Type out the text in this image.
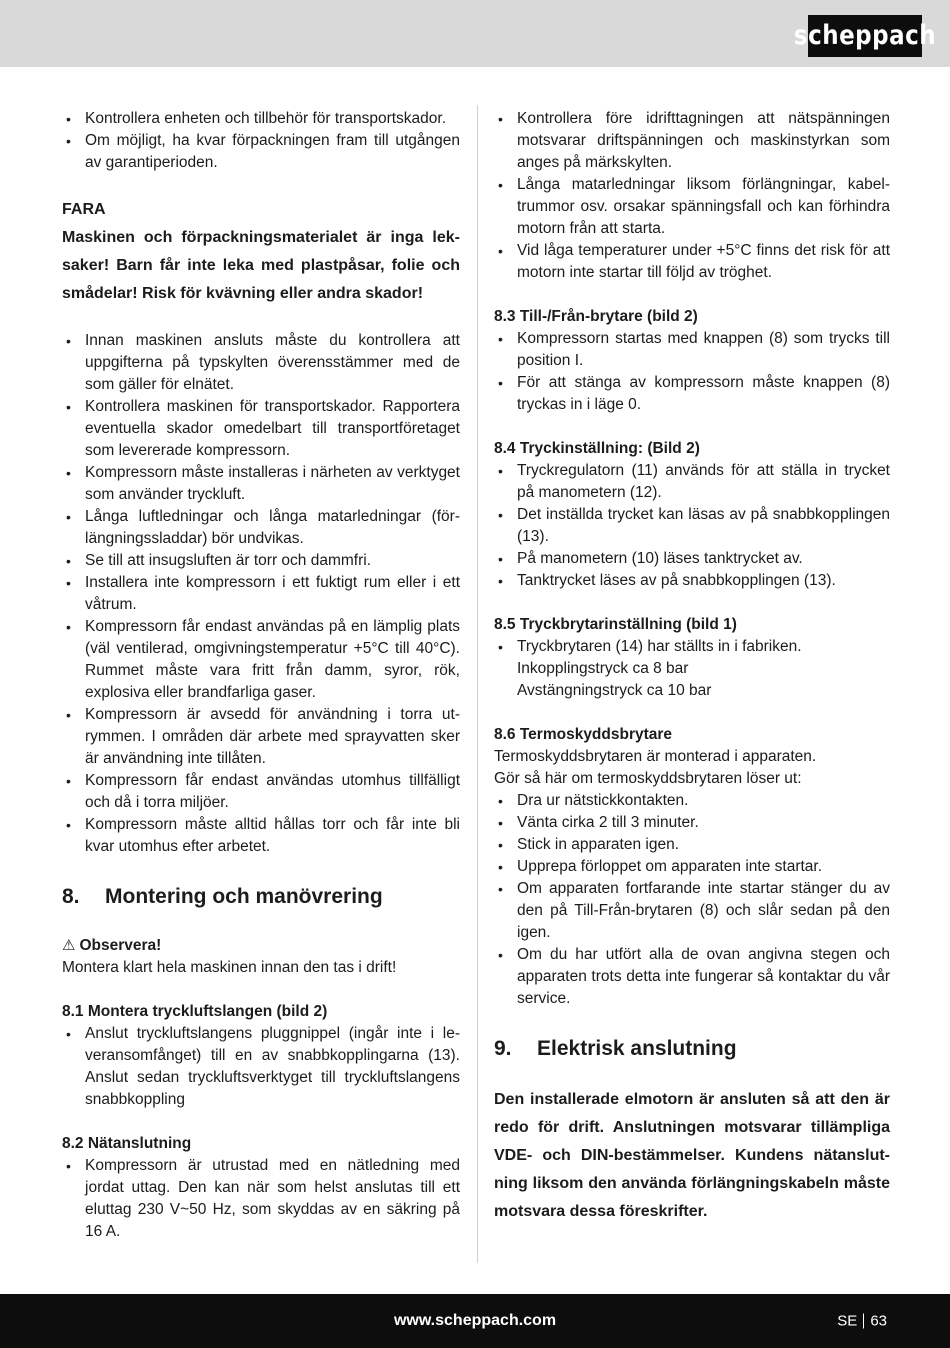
scheppach
• Kontrollera enheten och tillbehör för transportskador.
• Om möjligt, ha kvar förpackningen fram till utgången av garantiperioden.
FARA
Maskinen och förpackningsmaterialet är inga leksaker! Barn får inte leka med plastpåsar, folie och smådelar! Risk för kvävning eller andra skador!
• Innan maskinen ansluts måste du kontrollera att uppgifterna på typskylten överensstämmer med de som gäller för elnätet.
• Kontrollera maskinen för transportskador. Rapportera eventuella skador omedelbart till transportföretaget som levererade kompressorn.
• Kompressorn måste installeras i närheten av verktyget som använder tryckluft.
• Långa luftledningar och långa matarledningar (förlängningssladdar) bör undvikas.
• Se till att insugsluften är torr och dammfri.
• Installera inte kompressorn i ett fuktigt rum eller i ett våtrum.
• Kompressorn får endast användas på en lämplig plats (väl ventilerad, omgivningstemperatur +5°C till 40°C). Rummet måste vara fritt från damm, syror, rök, explosiva eller brandfarliga gaser.
• Kompressorn är avsedd för användning i torra utrymmen. I områden där arbete med sprayvatten sker är användning inte tillåten.
• Kompressorn får endast användas utomhus tillfälligt och då i torra miljöer.
• Kompressorn måste alltid hållas torr och får inte bli kvar utomhus efter arbetet.
8. Montering och manövrering
⚠ Observera!
Montera klart hela maskinen innan den tas i drift!
8.1 Montera tryckluftslangen (bild 2)
• Anslut tryckluftslangens pluggnippel (ingår inte i leveransomfånget) till en av snabbkopplingarna (13). Anslut sedan tryckluftsverktyget till tryckluftslangens snabbkoppling
8.2 Nätanslutning
• Kompressorn är utrustad med en nätledning med jordat uttag. Den kan när som helst anslutas till ett eluttag 230 V~50 Hz, som skyddas av en säkring på 16 A.
• Kontrollera före idrifttagningen att nätspänningen motsvarar driftspänningen och maskinstyrkan som anges på märkskylten.
• Långa matarledningar liksom förlängningar, kabeltrummor osv. orsakar spänningsfall och kan förhindra motorn från att starta.
• Vid låga temperaturer under +5°C finns det risk för att motorn inte startar till följd av tröghet.
8.3 Till-/Från-brytare (bild 2)
• Kompressorn startas med knappen (8) som trycks till position I.
• För att stänga av kompressorn måste knappen (8) tryckas in i läge 0.
8.4 Tryckinställning: (Bild 2)
• Tryckregulatorn (11) används för att ställa in trycket på manometern (12).
• Det inställda trycket kan läsas av på snabbkopplingen (13).
• På manometern (10) läses tanktrycket av.
• Tanktrycket läses av på snabbkopplingen (13).
8.5 Tryckbrytarinställning (bild 1)
• Tryckbrytaren (14) har ställts in i fabriken.
Inkopplingstryck ca 8 bar
Avstängningstryck ca 10 bar
8.6 Termoskyddsbrytare
Termoskyddsbrytaren är monterad i apparaten.
Gör så här om termoskyddsbrytaren löser ut:
• Dra ur nätstickkontakten.
• Vänta cirka 2 till 3 minuter.
• Stick in apparaten igen.
• Upprepa förloppet om apparaten inte startar.
• Om apparaten fortfarande inte startar stänger du av den på Till-Från-brytaren (8) och slår sedan på den igen.
• Om du har utfört alla de ovan angivna stegen och apparaten trots detta inte fungerar så kontaktar du vår service.
9. Elektrisk anslutning
Den installerade elmotorn är ansluten så att den är redo för drift. Anslutningen motsvarar tillämpliga VDE- och DIN-bestämmelser. Kundens nätanslutning liksom den använda förlängningskabeln måste motsvara dessa föreskrifter.
www.scheppach.com	SE 63
